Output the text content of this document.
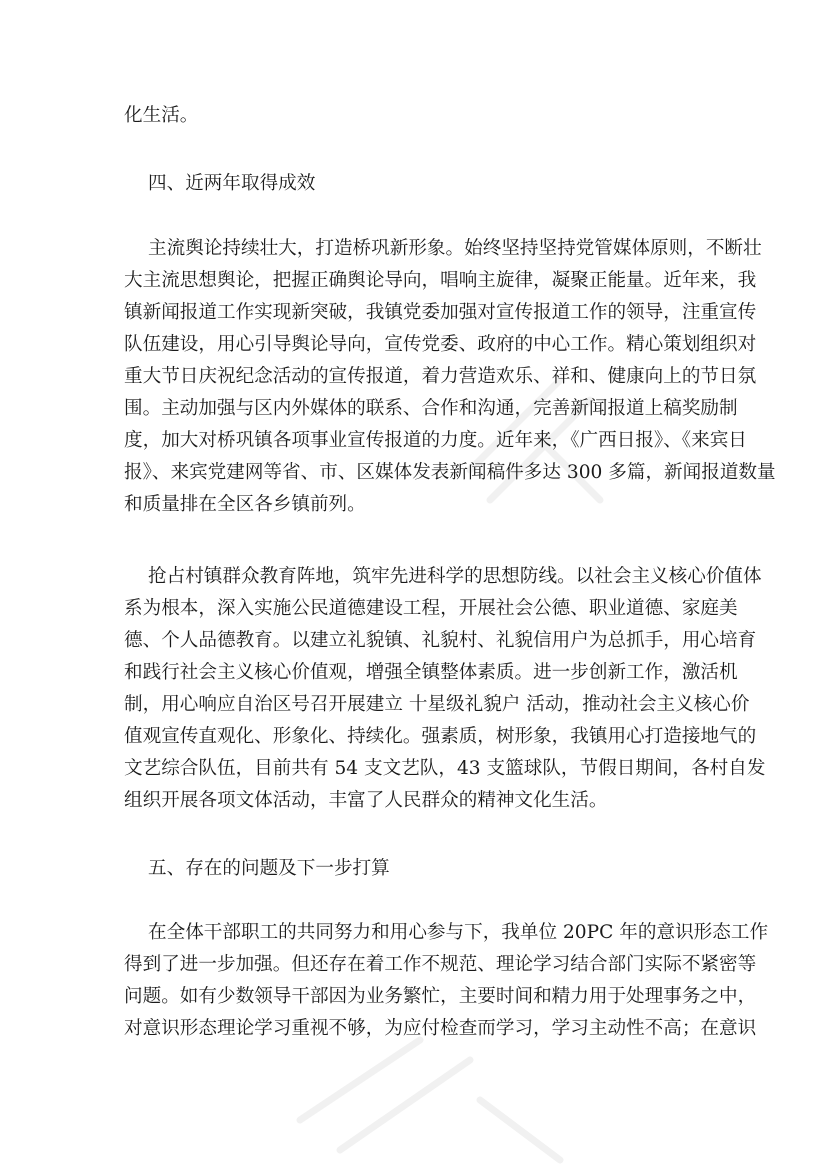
化生活。
四、近两年取得成效
主流舆论持续壮大，打造桥巩新形象。始终坚持坚持党管媒体原则，不断壮
大主流思想舆论，把握正确舆论导向，唱响主旋律，凝聚正能量。近年来，我
镇新闻报道工作实现新突破，我镇党委加强对宣传报道工作的领导，注重宣传
队伍建设，用心引导舆论导向，宣传党委、政府的中心工作。精心策划组织对
重大节日庆祝纪念活动的宣传报道，着力营造欢乐、祥和、健康向上的节日氛
围。主动加强与区内外媒体的联系、合作和沟通，完善新闻报道上稿奖励制
度，加大对桥巩镇各项事业宣传报道的力度。近年来，《广西日报》、《来宾日
报》、来宾党建网等省、市、区媒体发表新闻稿件多达 300 多篇，新闻报道数量
和质量排在全区各乡镇前列。
抢占村镇群众教育阵地，筑牢先进科学的思想防线。以社会主义核心价值体
系为根本，深入实施公民道德建设工程，开展社会公德、职业道德、家庭美
德、个人品德教育。以建立礼貌镇、礼貌村、礼貌信用户为总抓手，用心培育
和践行社会主义核心价值观，增强全镇整体素质。进一步创新工作，激活机
制，用心响应自治区号召开展建立 十星级礼貌户 活动，推动社会主义核心价
值观宣传直观化、形象化、持续化。强素质，树形象，我镇用心打造接地气的
文艺综合队伍，目前共有 54 支文艺队，43 支篮球队，节假日期间，各村自发
组织开展各项文体活动，丰富了人民群众的精神文化生活。
五、存在的问题及下一步打算
在全体干部职工的共同努力和用心参与下，我单位 20PC 年的意识形态工作
得到了进一步加强。但还存在着工作不规范、理论学习结合部门实际不紧密等
问题。如有少数领导干部因为业务繁忙，主要时间和精力用于处理事务之中，
对意识形态理论学习重视不够，为应付检查而学习，学习主动性不高；在意识
